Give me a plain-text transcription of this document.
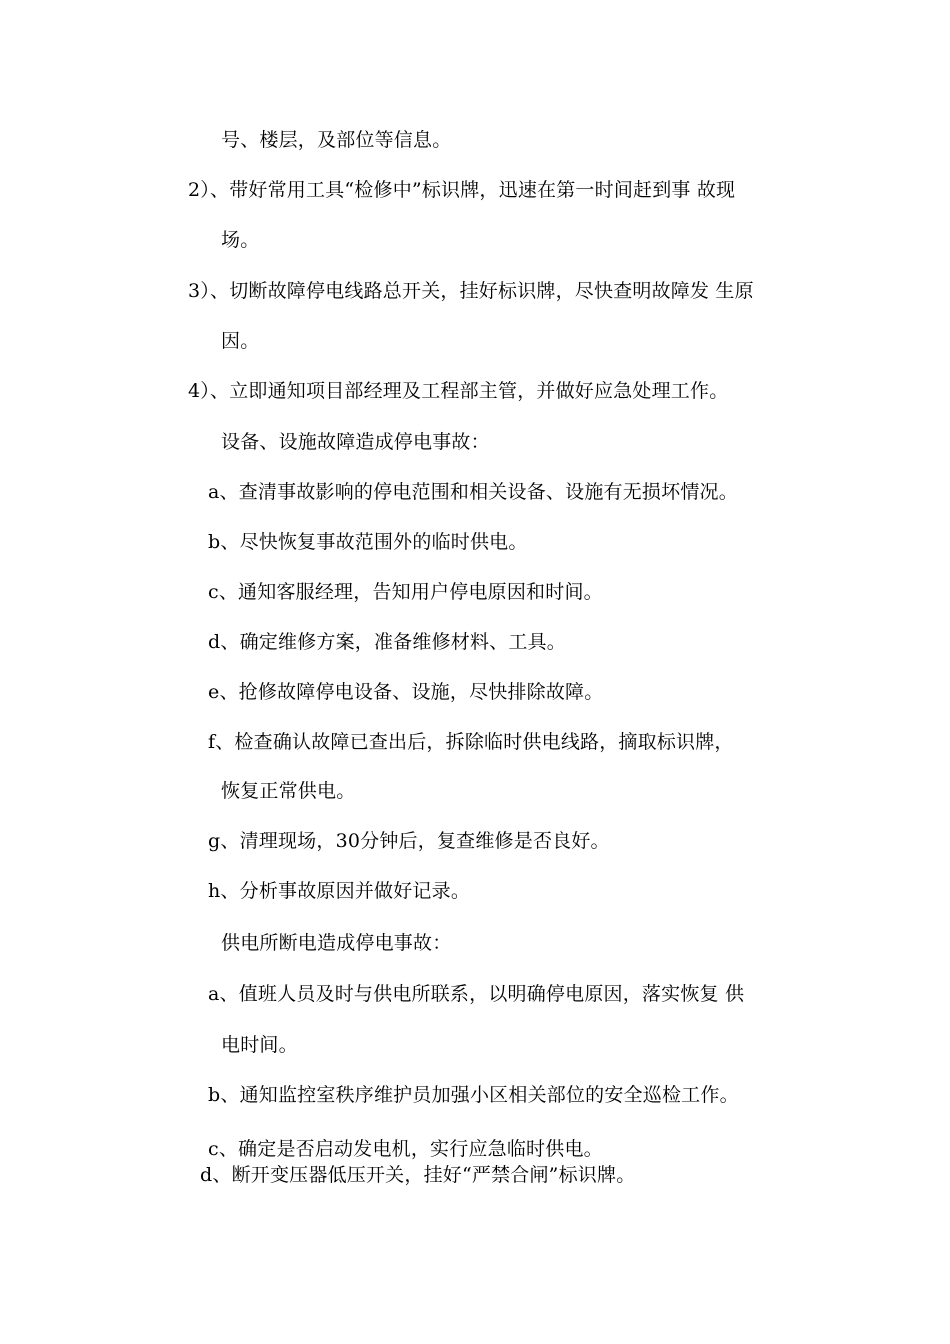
号、楼层，及部位等信息。
2）、带好常用工具“检修中”标识牌，迅速在第一时间赶到事 故现
场。
3）、切断故障停电线路总开关，挂好标识牌，尽快查明故障发 生原
因。
4）、立即通知项目部经理及工程部主管，并做好应急处理工作。
设备、设施故障造成停电事故：
a、查清事故影响的停电范围和相关设备、设施有无损坏情况。
b、尽快恢复事故范围外的临时供电。
c、通知客服经理，告知用户停电原因和时间。
d、确定维修方案，准备维修材料、工具。
e、抢修故障停电设备、设施，尽快排除故障。
f、检查确认故障已查出后，拆除临时供电线路，摘取标识牌，
恢复正常供电。
g、清理现场，30分钟后，复查维修是否良好。
h、分析事故原因并做好记录。
供电所断电造成停电事故：
a、值班人员及时与供电所联系，以明确停电原因，落实恢复 供
电时间。
b、通知监控室秩序维护员加强小区相关部位的安全巡检工作。
c、确定是否启动发电机，实行应急临时供电。
d、断开变压器低压开关，挂好“严禁合闸”标识牌。
